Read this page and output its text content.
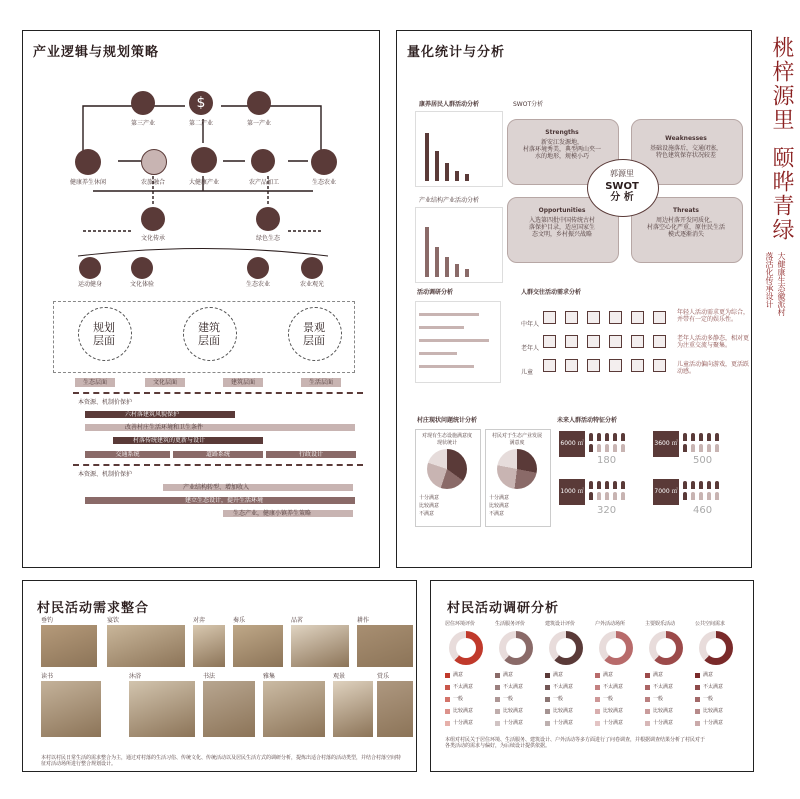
产业逻辑与规划策略
$
第三产业	第二产业	第一产业
健康养生休闲	农旅融合	大健康产业	农产品加工	生态农业
文化传承	绿色生态
运动健身	文化体验	生态农业	农业观光
规划
层面
建筑
层面
景观
层面
生态层面	文化层面	建筑层面	生活层面
本资源、机制价保护
六村落建筑风貌保护
改善村庄生活环境和卫生条件
村落传统建筑的更新与设计
交通系统	道路系统	行政设计
本资源、机制价保护
产业结构转型、增加收入
建立生态设计，提升生活环境
生态产业，健康小镇养生策略
量化统计与分析
康养居民人群活动分析
产业结构产业活动分析
SWOT分析
Strengths
新安江发源地，
村落环境秀美，典型两山夹一
水的地形，规模小巧
Weaknesses
基础设施落后，交通闭塞，
特色建筑保存状况较差
Opportunities
入选第四批中国传统古村
落保护目录，适应国家生
态文明，乡村振兴战略
Threats
周边村落开发同质化，
村落空心化严重，原住民生活
模式逐渐消失
郭源里
SWOT
分 析
活动调研分析	人群交往活动需求分析
中年人
老年人
儿童
年轻人活动需求更为综合，
并带有一定的娱乐性。
老年人活动多静态，相对更
为注重交流与聚集。
儿童活动偏向游戏，更活跃
动感。
村庄现状问题统计分析
对现有生态设施满意度
现状统计
村民对于生态产业发展
满意度
十分满意
比较满意
不满意
十分满意
比较满意
不满意
未来人群活动特征分析
6000 ㎡
180
3600 ㎡
500
1000 ㎡
320
7000 ㎡
460
桃梓源里
颐晔青绿
大健康生态徽派村
落活化传承设计
村民活动需求整合
垂钓	宴饮	对弈	奏乐	品茗	耕作
读书	沐浴	书法	雅集	观景	赏乐
本村以村民日常生活的需求整合为主，通过对村落的生活习俗、传统文化、传统活动以及居民生活方式的调研分析，提炼出适合村落的活动类型，并结合村落空间特征对活动场所进行整合规划设计。
村民活动调研分析
居住环境评价
满意
不太满意
一般
比较满意
十分满意
生活服务评价
满意
不太满意
一般
比较满意
十分满意
建筑设计评价
满意
不太满意
一般
比较满意
十分满意
户外活动场所
满意
不太满意
一般
比较满意
十分满意
主要娱乐活动
满意
不太满意
一般
比较满意
十分满意
公共空间需求
满意
不太满意
一般
比较满意
十分满意
本组对村民关于居住环境、生活服务、建筑设计、户外活动等多方面进行了问卷调查，并根据调查结果分析了村民对于各类活动的需求与偏好，为后续设计提供依据。
